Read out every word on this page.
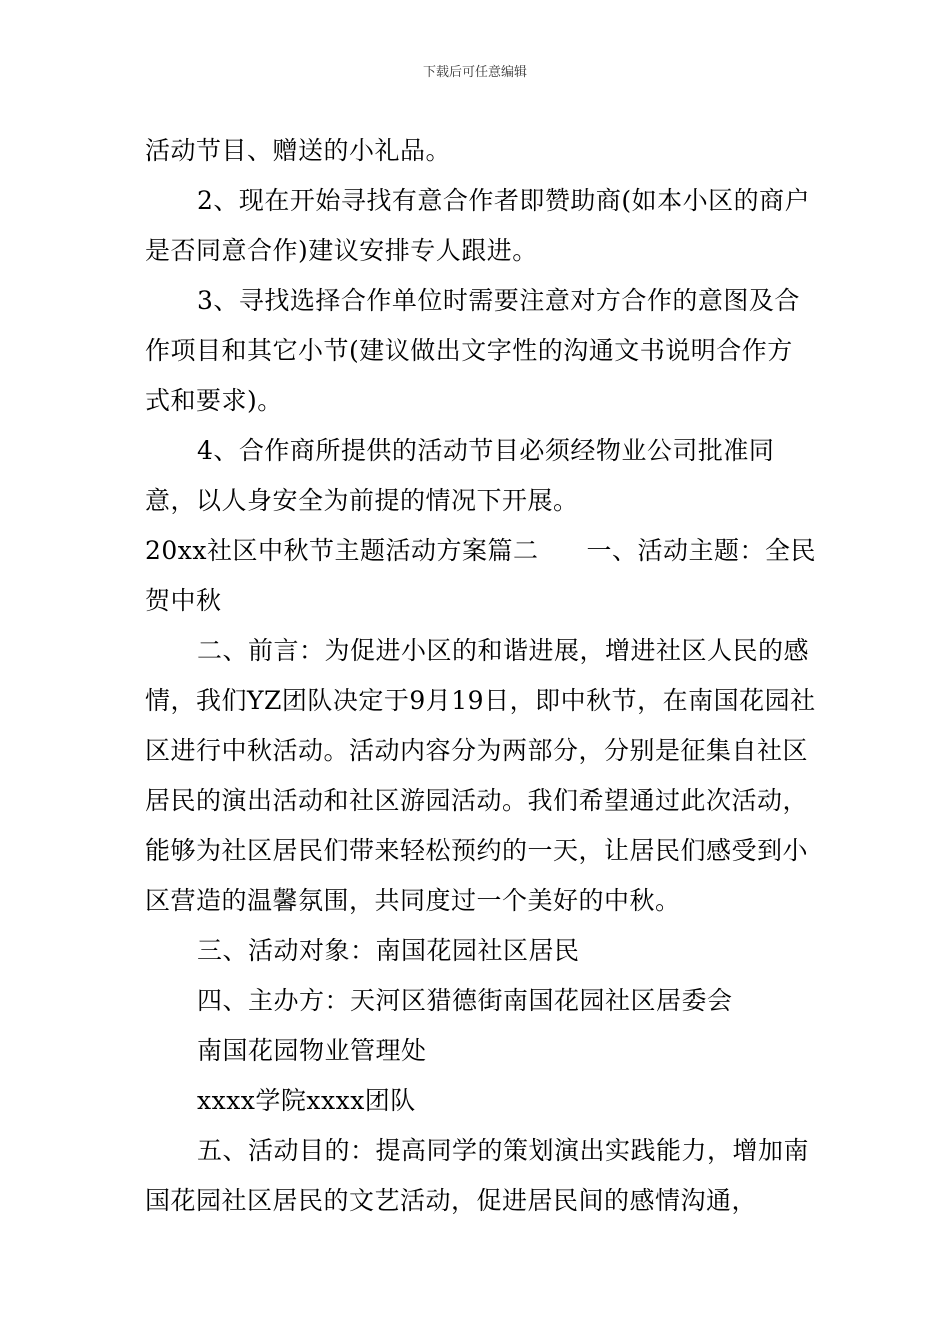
下载后可任意编辑

活动节目、赠送的小礼品。

2、现在开始寻找有意合作者即赞助商(如本小区的商户是否同意合作)建议安排专人跟进。

3、寻找选择合作单位时需要注意对方合作的意图及合作项目和其它小节(建议做出文字性的沟通文书说明合作方式和要求)。

4、合作商所提供的活动节目必须经物业公司批准同意，以人身安全为前提的情况下开展。

20xx社区中秋节主题活动方案篇二 一、活动主题：全民贺中秋

二、前言：为促进小区的和谐进展，增进社区人民的感情，我们YZ团队决定于9月19日，即中秋节，在南国花园社区进行中秋活动。活动内容分为两部分，分别是征集自社区居民的演出活动和社区游园活动。我们希望通过此次活动，能够为社区居民们带来轻松预约的一天，让居民们感受到小区营造的温馨氛围，共同度过一个美好的中秋。

三、活动对象：南国花园社区居民

四、主办方：天河区猎德街南国花园社区居委会

南国花园物业管理处

xxxx学院xxxx团队

五、活动目的：提高同学的策划演出实践能力，增加南国花园社区居民的文艺活动，促进居民间的感情沟通，
